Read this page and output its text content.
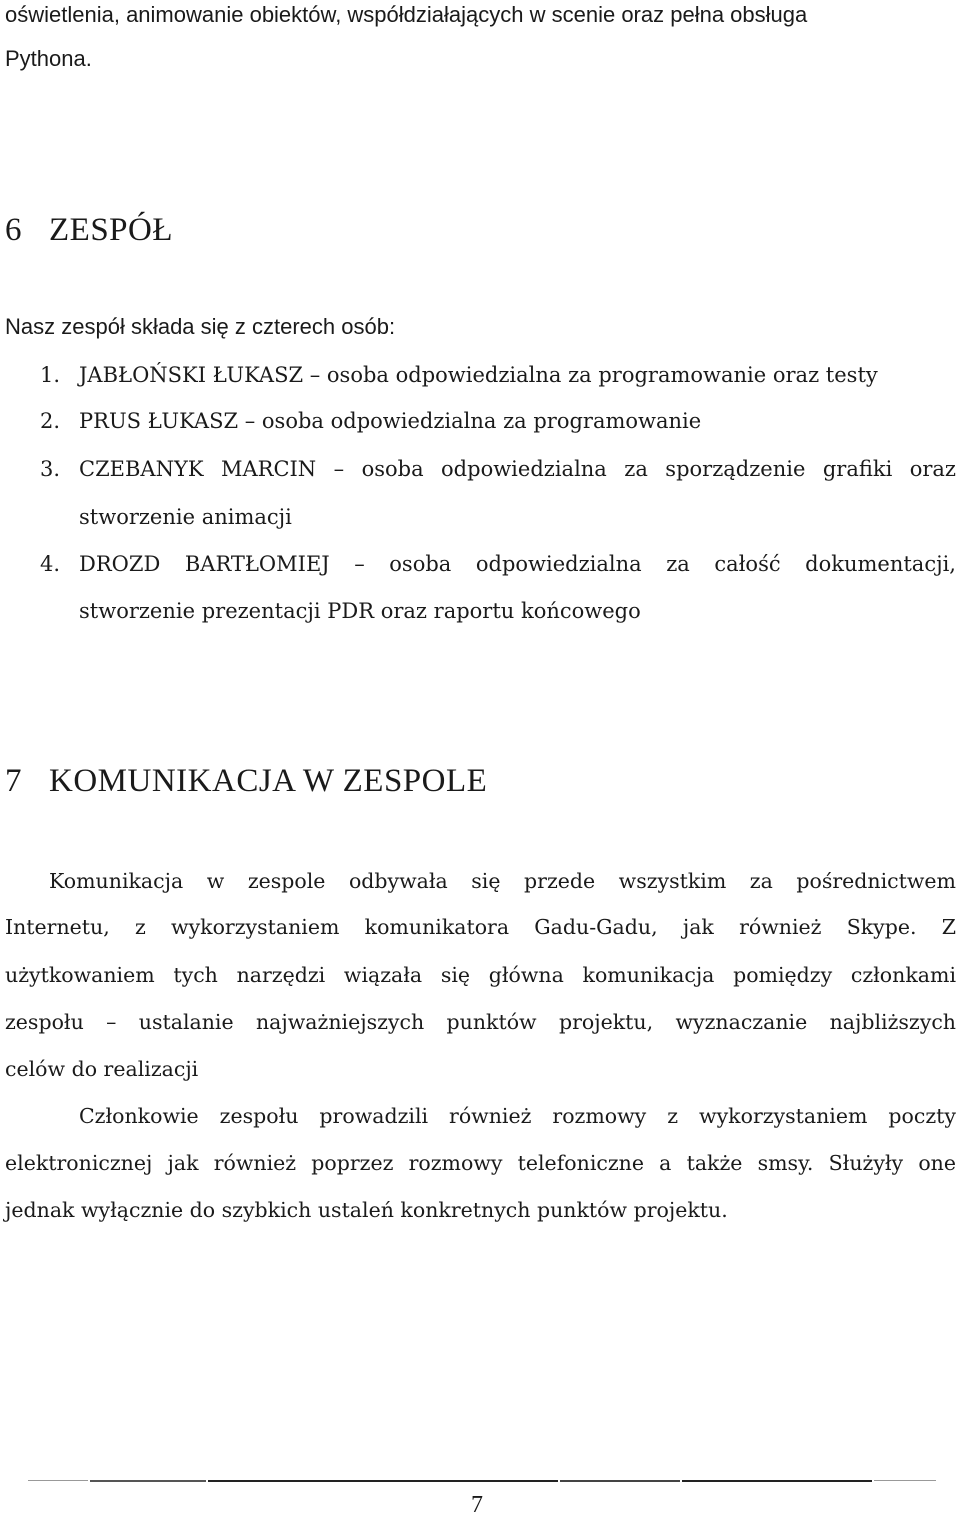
oświetlenia, animowanie obiektów, współdziałających w scenie oraz pełna obsługa
Pythona.
6 ZESPÓŁ
Nasz zespół składa się z czterech osób:
1. JABŁOŃSKI ŁUKASZ – osoba odpowiedzialna za programowanie oraz testy
2. PRUS ŁUKASZ – osoba odpowiedzialna za programowanie
3. CZEBANYK MARCIN – osoba odpowiedzialna za sporządzenie grafiki oraz
stworzenie animacji
4. DROZD BARTŁOMIEJ – osoba odpowiedzialna za całość dokumentacji,
stworzenie prezentacji PDR oraz raportu końcowego
7 KOMUNIKACJA W ZESPOLE
Komunikacja w zespole odbywała się przede wszystkim za pośrednictwem
Internetu, z wykorzystaniem komunikatora Gadu-Gadu, jak również Skype. Z
użytkowaniem tych narzędzi wiązała się główna komunikacja pomiędzy członkami
zespołu – ustalanie najważniejszych punktów projektu, wyznaczanie najbliższych
celów do realizacji
Członkowie zespołu prowadzili również rozmowy z wykorzystaniem poczty
elektronicznej jak również poprzez rozmowy telefoniczne a także smsy. Służyły one
jednak wyłącznie do szybkich ustaleń konkretnych punktów projektu.
7
